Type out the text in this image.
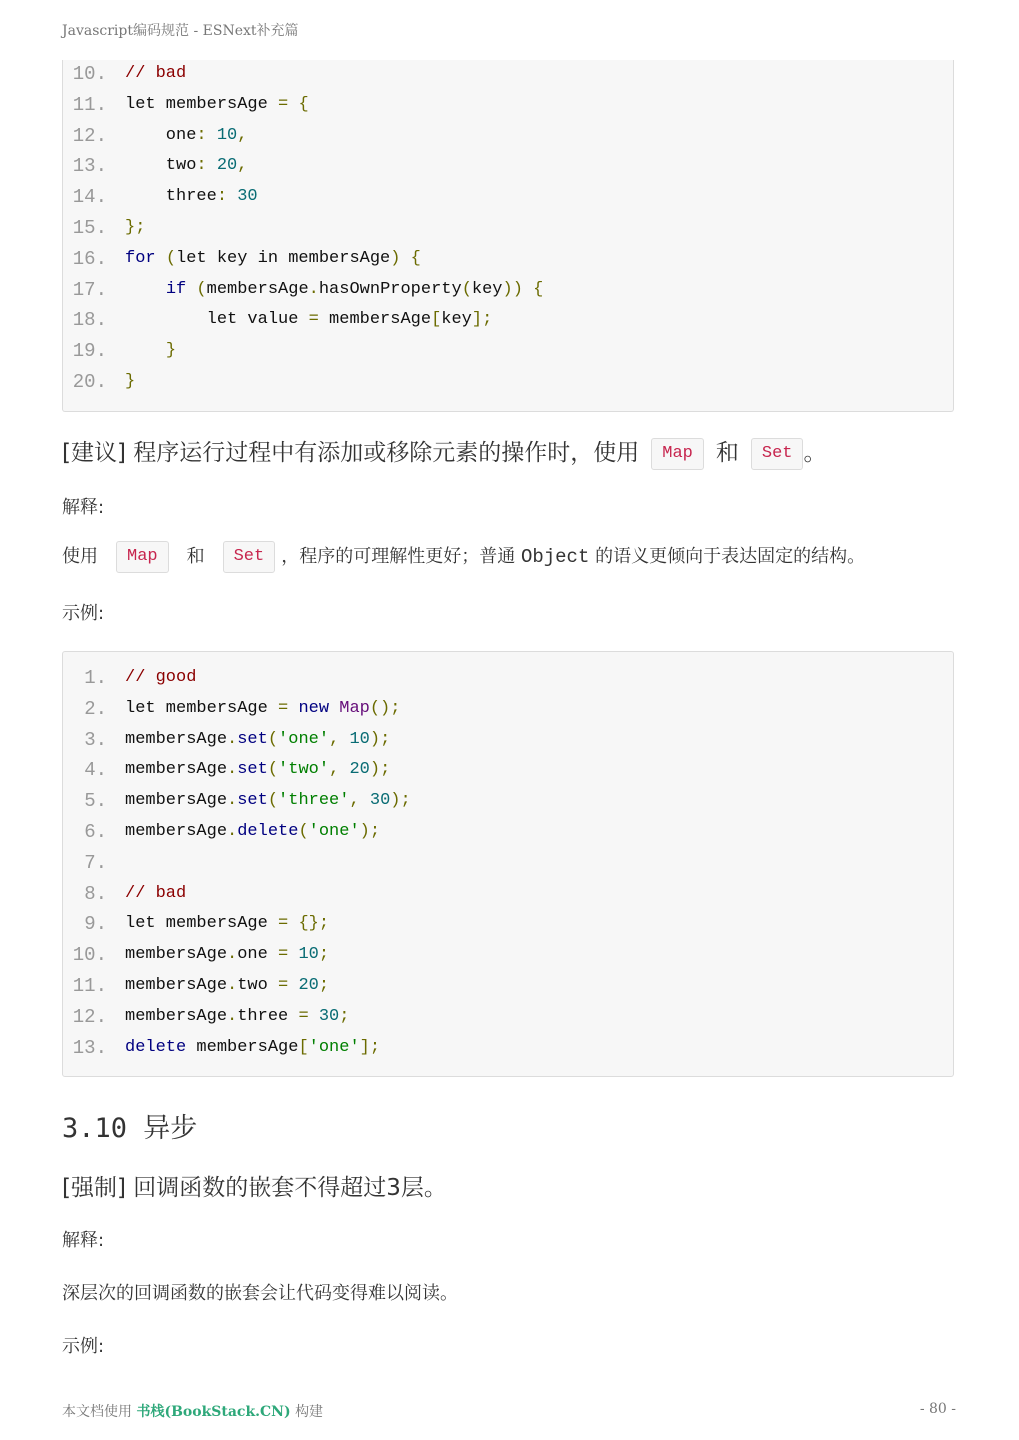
Javascript编码规范 - ESNext补充篇
10. // bad
11. let membersAge = {
12. one: 10,
13. two: 20,
14. three: 30
15. };
16. for (let key in membersAge) {
17.	if (membersAge.hasOwnProperty(key)) {
18. let value = membersAge[key];
19.	}
20. }
[建议] 程序运行过程中有添加或移除元素的操作时，使用 Map 和 Set 。
解释:
使用 Map 和 Set ，程序的可理解性更好；普通 Object 的语义更倾向于表达固定的结构。
示例:
1. // good
2. let membersAge = new Map();
3. membersAge.set('one', 10);
4. membersAge.set('two', 20);
5. membersAge.set('three', 30);
6. membersAge.delete('one');
7.
8. // bad
9. let membersAge = {};
10. membersAge.one = 10;
11. membersAge.two = 20;
12. membersAge.three = 30;
13. delete membersAge['one'];
3.10 异步
[强制] 回调函数的嵌套不得超过3层。
解释:
深层次的回调函数的嵌套会让代码变得难以阅读。
示例:
本文档使用 书栈(BookStack.CN) 构建	- 80 -
